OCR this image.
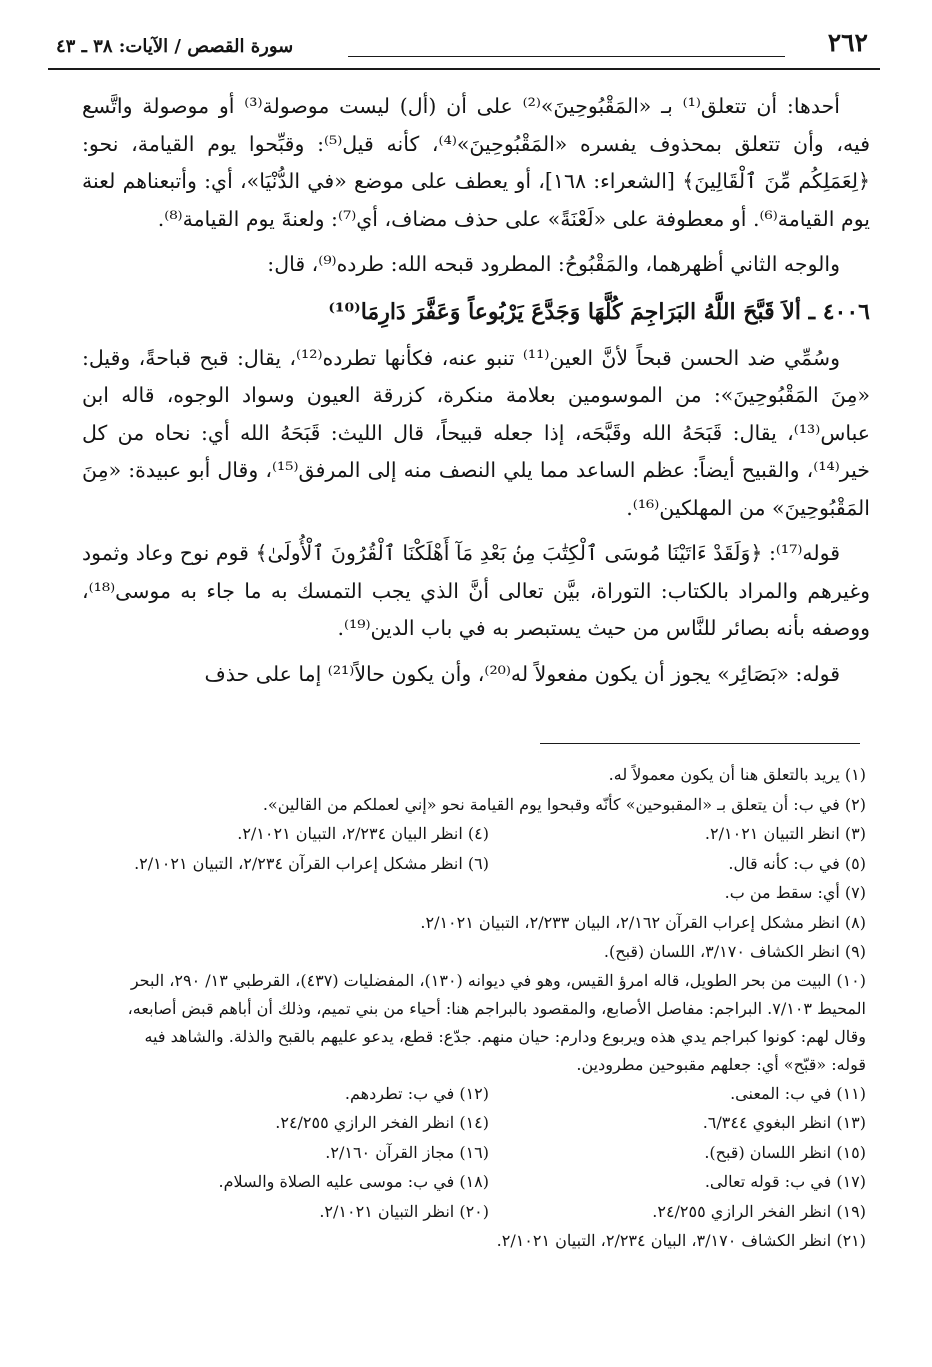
٢٦٢
سورة القصص / الآيات: ٣٨ ـ ٤٣

أحدها: أن تتعلق⁽¹⁾ بـ «المَقْبُوحِينَ»⁽²⁾ على أن (أل) ليست موصولة⁽³⁾ أو موصولة واتَّسع فيه، وأن تتعلق بمحذوف يفسره «المَقْبُوحِينَ»⁽⁴⁾، كأنه قيل⁽⁵⁾: وقبِّحوا يوم القيامة، نحو: ﴿لِعَمَلِكُم مِّنَ ٱلْقَالِينَ﴾ [الشعراء: ١٦٨]، أو يعطف على موضع «في الدُّنْيَا»، أي: وأتبعناهم لعنة يوم القيامة⁽⁶⁾. أو معطوفة على «لَعْنَةً» على حذف مضاف، أي⁽⁷⁾: ولعنةَ يوم القيامة⁽⁸⁾.

والوجه الثاني أظهرهما، والمَقْبُوحُ: المطرود قبحه الله: طرده⁽⁹⁾، قال:

٤٠٠٦ ـ ألاَ قَبَّحَ اللَّهُ البَرَاجِمَ كُلَّهَا وَجَدَّعَ يَرْبُوعاً وَعَفَّرَ دَارِمَا⁽¹⁰⁾

وسُمِّي ضد الحسن قبحاً لأنَّ العين⁽¹¹⁾ تنبو عنه، فكأنها تطرده⁽¹²⁾، يقال: قبح قباحةً، وقيل: «مِنَ المَقْبُوحِينَ»: من الموسومين بعلامة منكرة، كزرقة العيون وسواد الوجوه، قاله ابن عباس⁽¹³⁾، يقال: قَبَحَهُ الله وقَبَّحَه، إذا جعله قبيحاً، قال الليث: قَبَحَهُ الله أي: نحاه من كل خير⁽¹⁴⁾، والقبيح أيضاً: عظم الساعد مما يلي النصف منه إلى المرفق⁽¹⁵⁾، وقال أبو عبيدة: «مِنَ المَقْبُوحِينَ» من المهلكين⁽¹⁶⁾.

قوله⁽¹⁷⁾: ﴿وَلَقَدْ ءَاتَيْنَا مُوسَى ٱلْكِتَٰبَ مِنۢ بَعْدِ مَآ أَهْلَكْنَا ٱلْقُرُونَ ٱلْأُولَىٰ﴾ قوم نوح وعاد وثمود وغيرهم والمراد بالكتاب: التوراة، بيَّن تعالى أنَّ الذي يجب التمسك به ما جاء به موسى⁽¹⁸⁾، ووصفه بأنه بصائر للنَّاس من حيث يستبصر به في باب الدين⁽¹⁹⁾.

قوله: «بَصَائِر» يجوز أن يكون مفعولاً له⁽²⁰⁾، وأن يكون حالاً⁽²¹⁾ إما على حذف

(١) يريد بالتعلق هنا أن يكون معمولاً له.

(٢) في ب: أن يتعلق بـ «المقبوحين» كأنّه وقبحوا يوم القيامة نحو «إني لعملكم من القالين».

(٣) انظر التبيان ٢/١٠٢١.

(٤) انظر البيان ٢/٢٣٤، التبيان ٢/١٠٢١.

(٥) في ب: كأنه قال.

(٦) انظر مشكل إعراب القرآن ٢/٢٣٤، التبيان ٢/١٠٢١.

(٧) أي: سقط من ب.

(٨) انظر مشكل إعراب القرآن ٢/١٦٢، البيان ٢/٢٣٣، التبيان ٢/١٠٢١.

(٩) انظر الكشاف ٣/١٧٠، اللسان (قبح).

(١٠) البيت من بحر الطويل، قاله امرؤ القيس، وهو في ديوانه (١٣٠)، المفضليات (٤٣٧)، القرطبي ١٣/ ٢٩٠، البحر المحيط ٧/١٠٣. البراجم: مفاصل الأصابع، والمقصود بالبراجم هنا: أحياء من بني تميم، وذلك أن أباهم قبض أصابعه، وقال لهم: كونوا كبراجم يدي هذه ويربوع ودارم: حيان منهم. جدّع: قطع، يدعو عليهم بالقبح والذلة. والشاهد فيه قوله: «قبّح» أي: جعلهم مقبوحين مطرودين.

(١١) في ب: المعنى.

(١٢) في ب: تطردهم.

(١٣) انظر البغوي ٦/٣٤٤.

(١٤) انظر الفخر الرازي ٢٤/٢٥٥.

(١٥) انظر اللسان (قبح).

(١٦) مجاز القرآن ٢/١٦٠.

(١٧) في ب: قوله تعالى.

(١٨) في ب: موسى عليه الصلاة والسلام.

(١٩) انظر الفخر الرازي ٢٤/٢٥٥.

(٢٠) انظر التبيان ٢/١٠٢١.

(٢١) انظر الكشاف ٣/١٧٠، البيان ٢/٢٣٤، التبيان ٢/١٠٢١.
